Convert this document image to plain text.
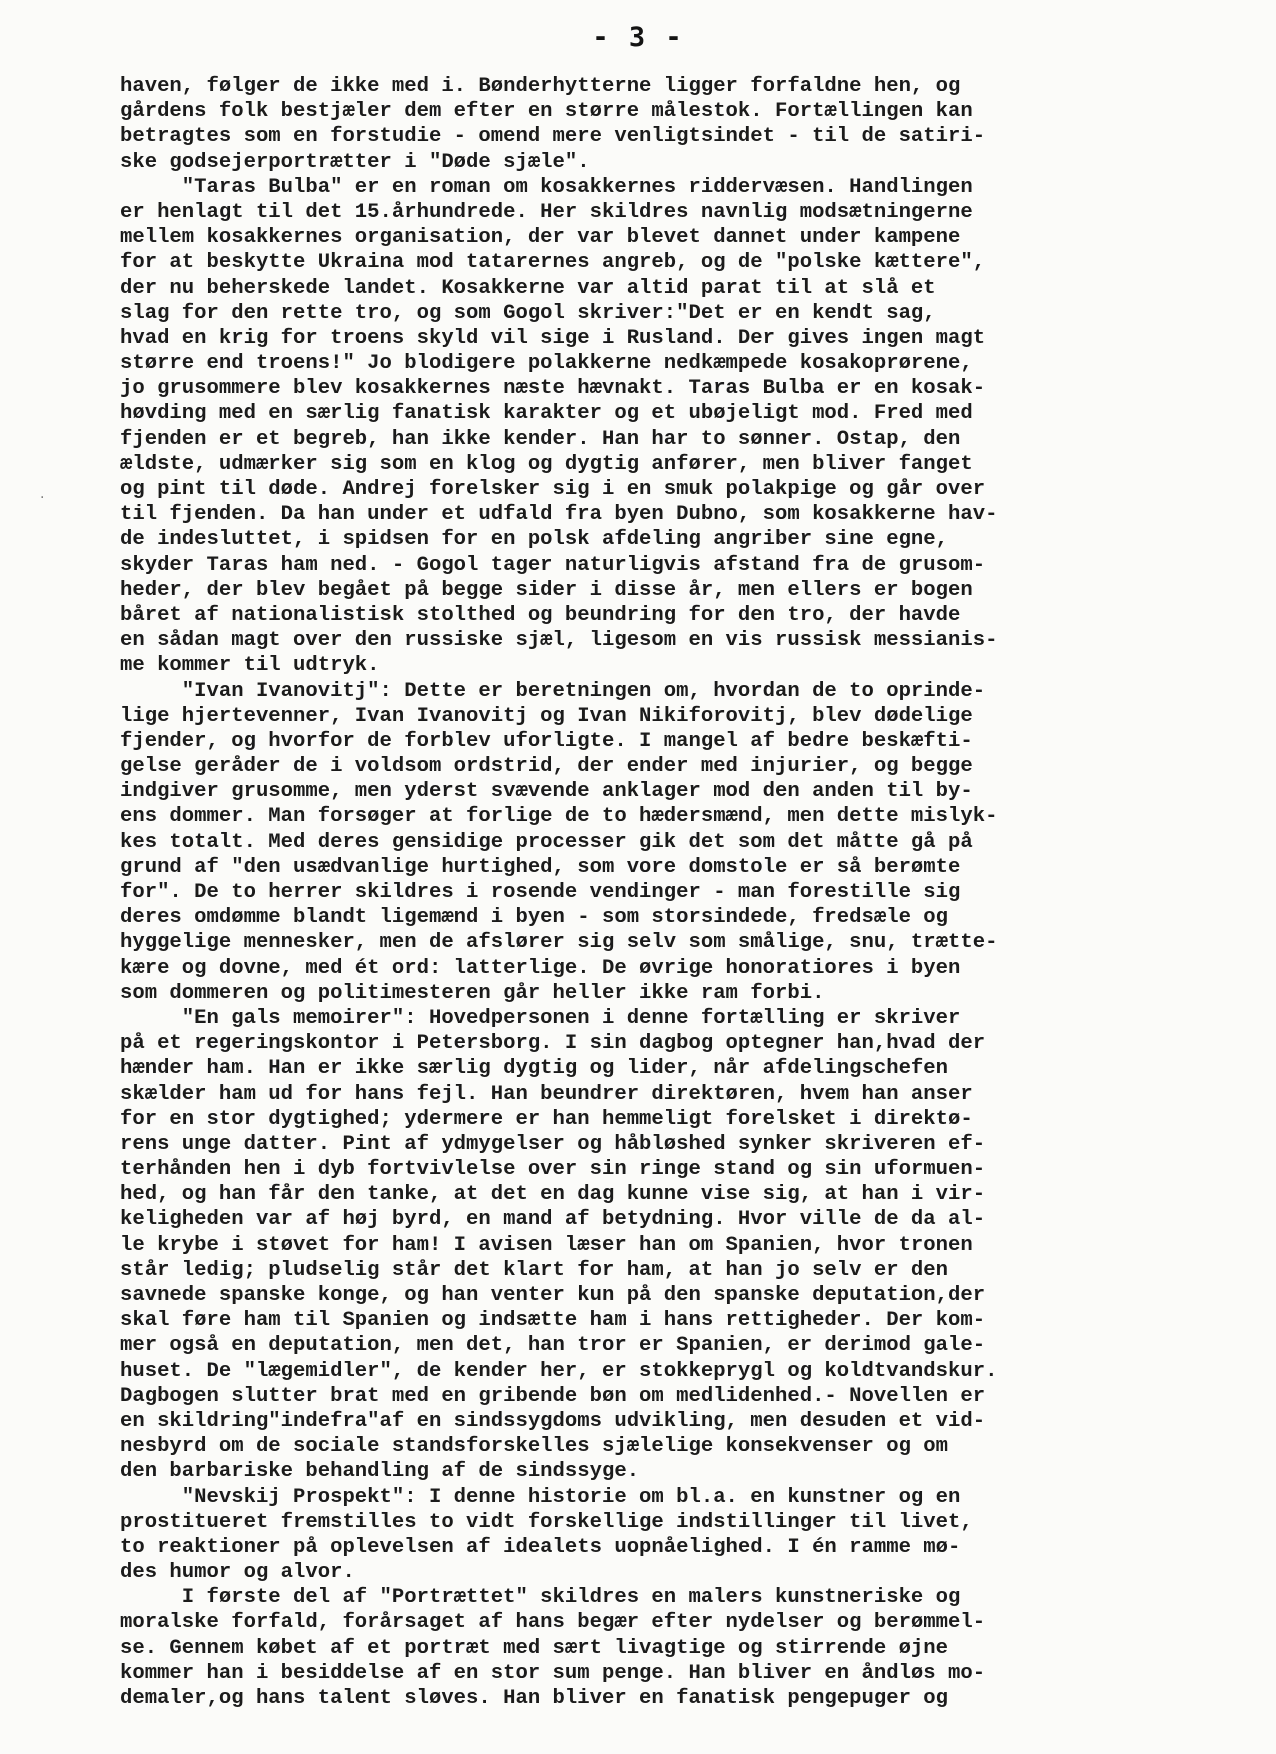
- 3 -
haven, følger de ikke med i. Bønderhytterne ligger forfaldne hen, og
gårdens folk bestjæler dem efter en større målestok. Fortællingen kan
betragtes som en forstudie - omend mere venligtsindet - til de satiri-
ske godsejerportrætter i "Døde sjæle".
"Taras Bulba" er en roman om kosakkernes riddervæsen. Handlingen
er henlagt til det 15.århundrede. Her skildres navnlig modsætningerne
mellem kosakkernes organisation, der var blevet dannet under kampene
for at beskytte Ukraina mod tatarernes angreb, og de "polske kættere",
der nu beherskede landet. Kosakkerne var altid parat til at slå et
slag for den rette tro, og som Gogol skriver:"Det er en kendt sag,
hvad en krig for troens skyld vil sige i Rusland. Der gives ingen magt
større end troens!" Jo blodigere polakkerne nedkæmpede kosakoprørene,
jo grusommere blev kosakkernes næste hævnakt. Taras Bulba er en kosak-
høvding med en særlig fanatisk karakter og et ubøjeligt mod. Fred med
fjenden er et begreb, han ikke kender. Han har to sønner. Ostap, den
ældste, udmærker sig som en klog og dygtig anfører, men bliver fanget
og pint til døde. Andrej forelsker sig i en smuk polakpige og går over
til fjenden. Da han under et udfald fra byen Dubno, som kosakkerne hav-
de indesluttet, i spidsen for en polsk afdeling angriber sine egne,
skyder Taras ham ned. - Gogol tager naturligvis afstand fra de grusom-
heder, der blev begået på begge sider i disse år, men ellers er bogen
båret af nationalistisk stolthed og beundring for den tro, der havde
en sådan magt over den russiske sjæl, ligesom en vis russisk messianis-
me kommer til udtryk.
"Ivan Ivanovitj": Dette er beretningen om, hvordan de to oprinde-
lige hjertevenner, Ivan Ivanovitj og Ivan Nikiforovitj, blev dødelige
fjender, og hvorfor de forblev uforligte. I mangel af bedre beskæfti-
gelse geråder de i voldsom ordstrid, der ender med injurier, og begge
indgiver grusomme, men yderst svævende anklager mod den anden til by-
ens dommer. Man forsøger at forlige de to hædersmænd, men dette mislyk-
kes totalt. Med deres gensidige processer gik det som det måtte gå på
grund af "den usædvanlige hurtighed, som vore domstole er så berømte
for". De to herrer skildres i rosende vendinger - man forestille sig
deres omdømme blandt ligemænd i byen - som storsindede, fredsæle og
hyggelige mennesker, men de afslører sig selv som smålige, snu, trætte-
kære og dovne, med ét ord: latterlige. De øvrige honoratiores i byen
som dommeren og politimesteren går heller ikke ram forbi.
"En gals memoirer": Hovedpersonen i denne fortælling er skriver
på et regeringskontor i Petersborg. I sin dagbog optegner han,hvad der
hænder ham. Han er ikke særlig dygtig og lider, når afdelingschefen
skælder ham ud for hans fejl. Han beundrer direktøren, hvem han anser
for en stor dygtighed; ydermere er han hemmeligt forelsket i direktø-
rens unge datter. Pint af ydmygelser og håbløshed synker skriveren ef-
terhånden hen i dyb fortvivlelse over sin ringe stand og sin uformuen-
hed, og han får den tanke, at det en dag kunne vise sig, at han i vir-
keligheden var af høj byrd, en mand af betydning. Hvor ville de da al-
le krybe i støvet for ham! I avisen læser han om Spanien, hvor tronen
står ledig; pludselig står det klart for ham, at han jo selv er den
savnede spanske konge, og han venter kun på den spanske deputation,der
skal føre ham til Spanien og indsætte ham i hans rettigheder. Der kom-
mer også en deputation, men det, han tror er Spanien, er derimod gale-
huset. De "lægemidler", de kender her, er stokkeprygl og koldtvandskur.
Dagbogen slutter brat med en gribende bøn om medlidenhed.- Novellen er
en skildring"indefra"af en sindssygdoms udvikling, men desuden et vid-
nesbyrd om de sociale standsforskelles sjælelige konsekvenser og om
den barbariske behandling af de sindssyge.
"Nevskij Prospekt": I denne historie om bl.a. en kunstner og en
prostitueret fremstilles to vidt forskellige indstillinger til livet,
to reaktioner på oplevelsen af idealets uopnåelighed. I én ramme mø-
des humor og alvor.
I første del af "Portrættet" skildres en malers kunstneriske og
moralske forfald, forårsaget af hans begær efter nydelser og berømmel-
se. Gennem købet af et portræt med sært livagtige og stirrende øjne
kommer han i besiddelse af en stor sum penge. Han bliver en åndløs mo-
demaler,og hans talent sløves. Han bliver en fanatisk pengepuger og
·
